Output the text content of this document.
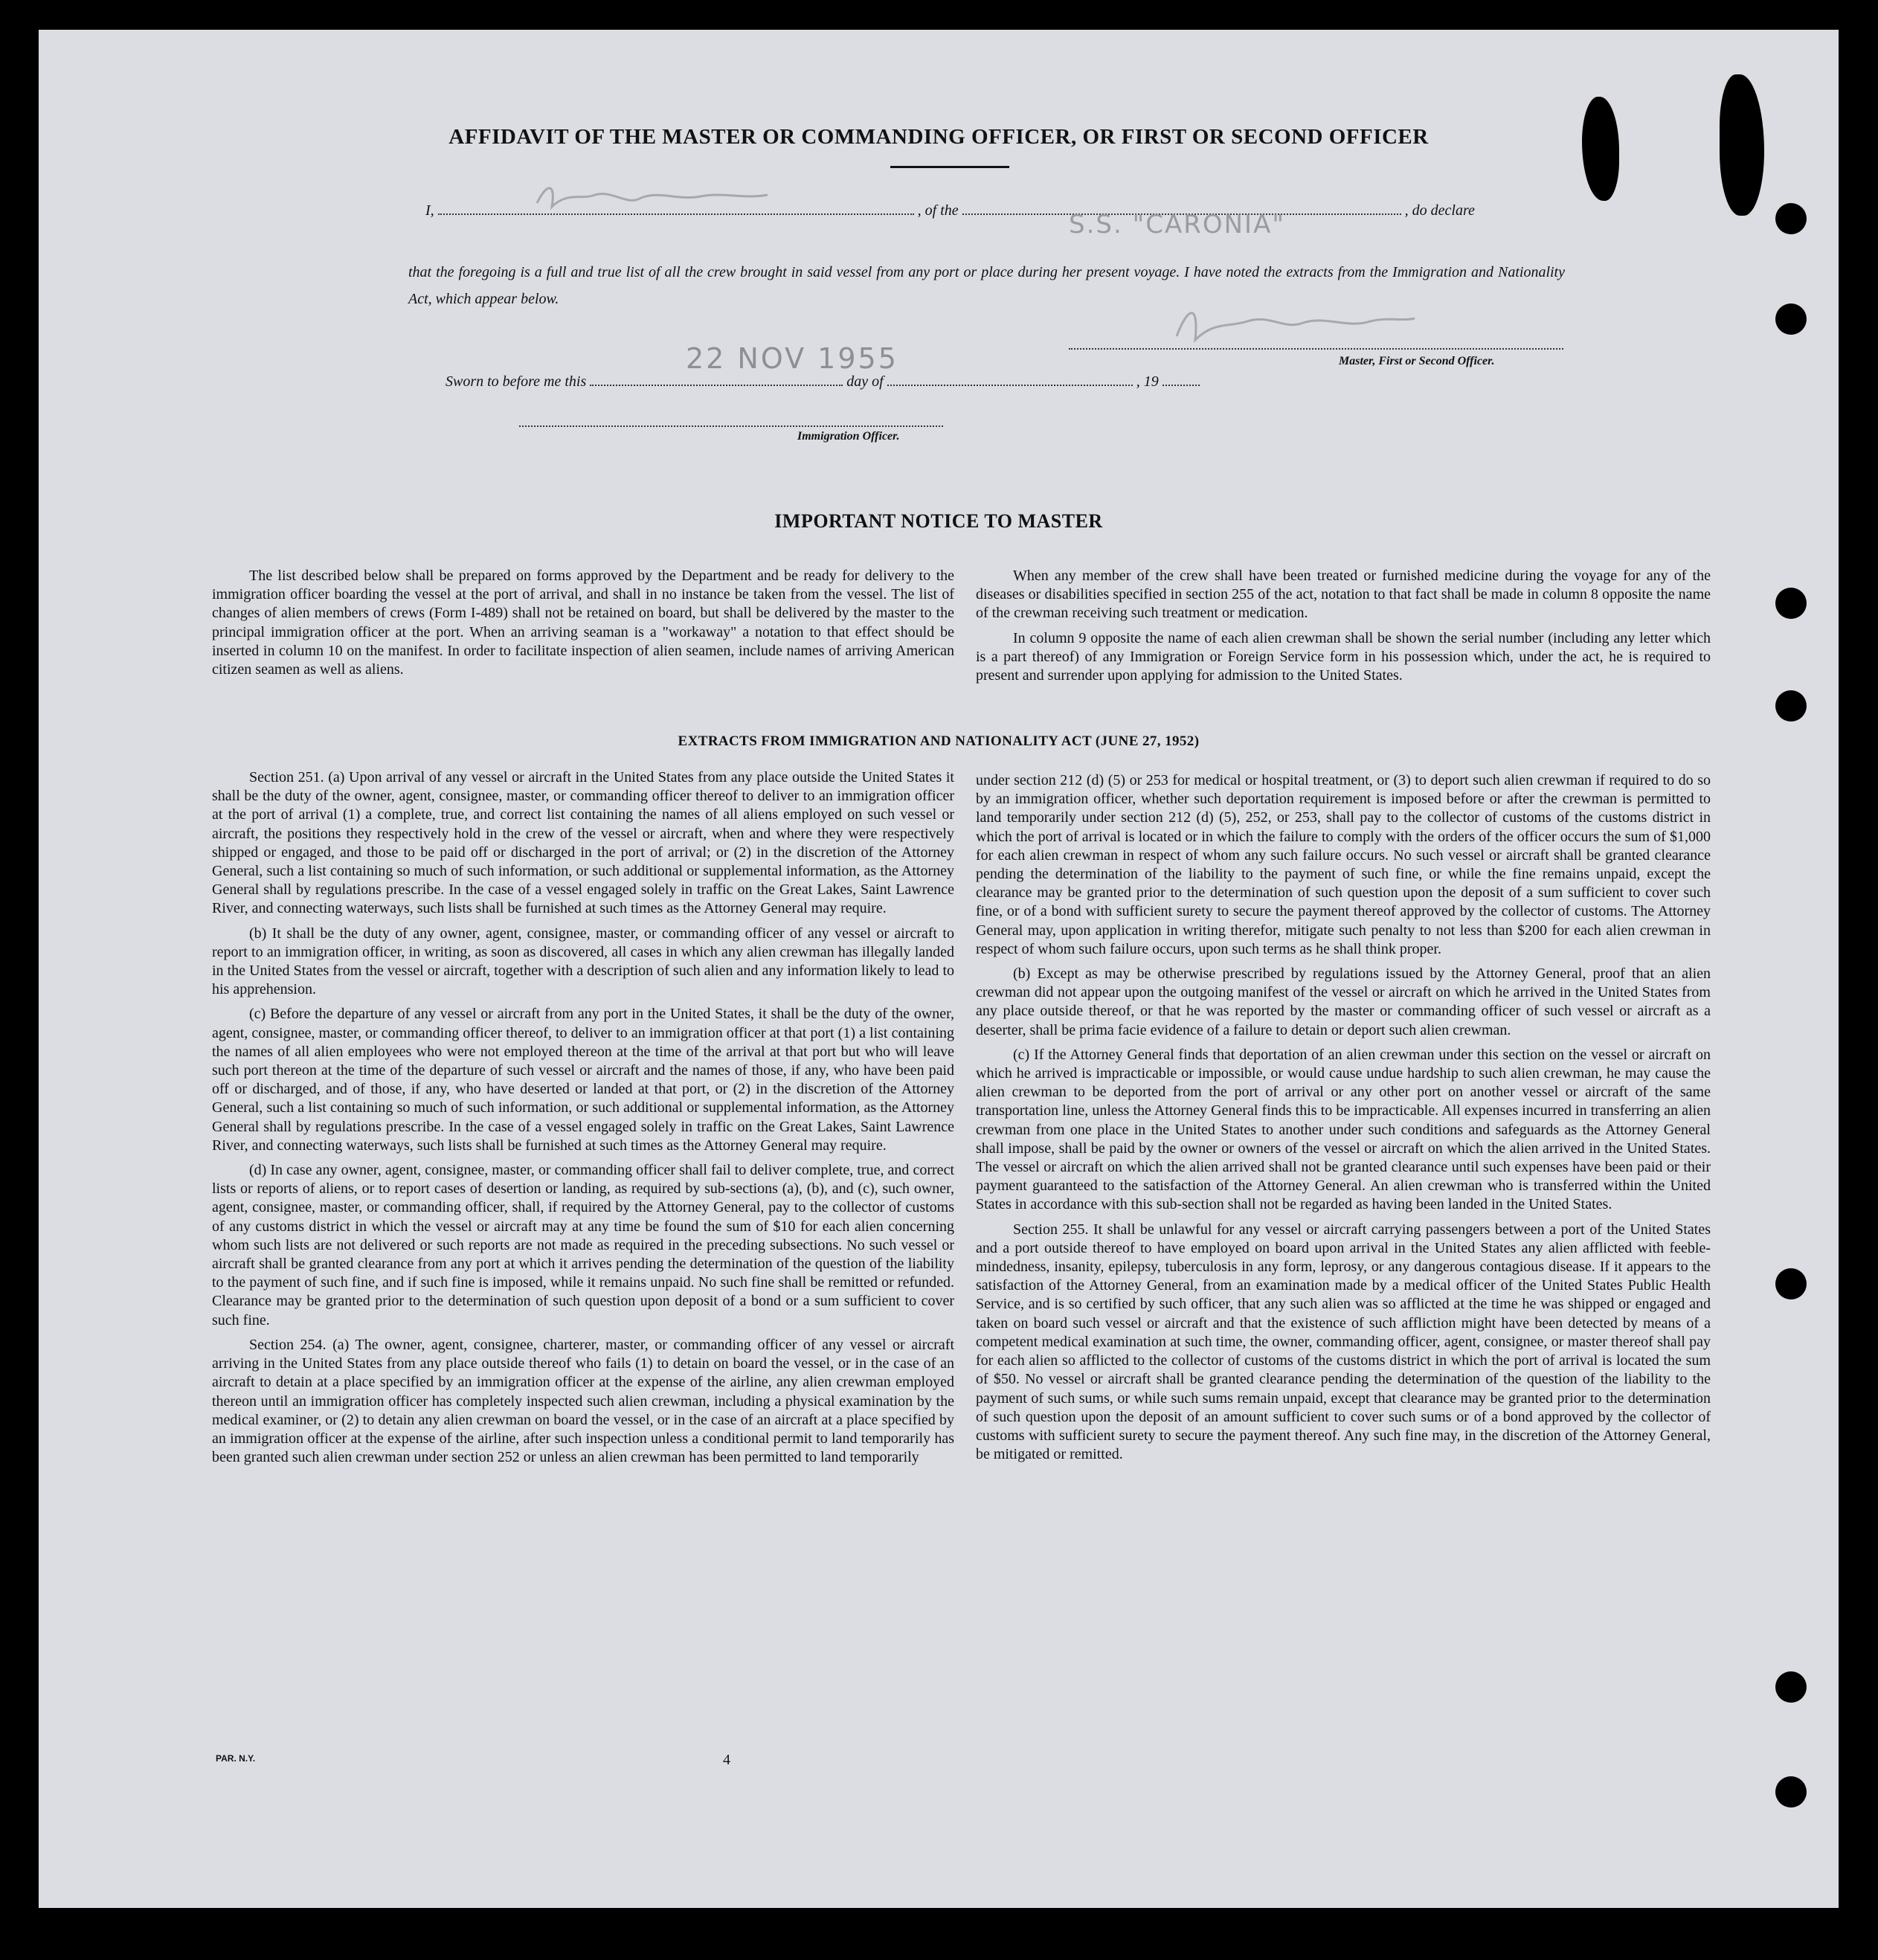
AFFIDAVIT OF THE MASTER OR COMMANDING OFFICER, OR FIRST OR SECOND OFFICER
I,	, of the	, do declare
S.S. "CARONIA"
that the foregoing is a full and true list of all the crew brought in said vessel from any port or place during her present voyage. I have noted the extracts from the Immigration and Nationality Act, which appear below.
Master, First or Second Officer.
22 NOV 1955
Sworn to before me this	day of	, 19
Immigration Officer.
IMPORTANT NOTICE TO MASTER

The list described below shall be prepared on forms approved by the Department and be ready for delivery to the immigration officer boarding the vessel at the port of arrival, and shall in no instance be taken from the vessel. The list of changes of alien members of crews (Form I-489) shall not be retained on board, but shall be delivered by the master to the principal immigration officer at the port. When an arriving seaman is a "workaway" a notation to that effect should be inserted in column 10 on the manifest. In order to facilitate inspection of alien seamen, include names of arriving American citizen seamen as well as aliens.

When any member of the crew shall have been treated or furnished medicine during the voyage for any of the diseases or disabilities specified in section 255 of the act, notation to that fact shall be made in column 8 opposite the name of the crewman receiving such treatment or medication.

In column 9 opposite the name of each alien crewman shall be shown the serial number (including any letter which is a part thereof) of any Immigration or Foreign Service form in his possession which, under the act, he is required to present and surrender upon applying for admission to the United States.

EXTRACTS FROM IMMIGRATION AND NATIONALITY ACT (JUNE 27, 1952)

Section 251. (a) Upon arrival of any vessel or aircraft in the United States from any place outside the United States it shall be the duty of the owner, agent, consignee, master, or commanding officer thereof to deliver to an immigration officer at the port of arrival (1) a complete, true, and correct list containing the names of all aliens employed on such vessel or aircraft, the positions they respectively hold in the crew of the vessel or aircraft, when and where they were respectively shipped or engaged, and those to be paid off or discharged in the port of arrival; or (2) in the discretion of the Attorney General, such a list containing so much of such information, or such additional or supplemental information, as the Attorney General shall by regulations prescribe. In the case of a vessel engaged solely in traffic on the Great Lakes, Saint Lawrence River, and connecting waterways, such lists shall be furnished at such times as the Attorney General may require.

(b) It shall be the duty of any owner, agent, consignee, master, or commanding officer of any vessel or aircraft to report to an immigration officer, in writing, as soon as discovered, all cases in which any alien crewman has illegally landed in the United States from the vessel or aircraft, together with a description of such alien and any information likely to lead to his apprehension.

(c) Before the departure of any vessel or aircraft from any port in the United States, it shall be the duty of the owner, agent, consignee, master, or commanding officer thereof, to deliver to an immigration officer at that port (1) a list containing the names of all alien employees who were not employed thereon at the time of the arrival at that port but who will leave such port thereon at the time of the departure of such vessel or aircraft and the names of those, if any, who have been paid off or discharged, and of those, if any, who have deserted or landed at that port, or (2) in the discretion of the Attorney General, such a list containing so much of such information, or such additional or supplemental information, as the Attorney General shall by regulations prescribe. In the case of a vessel engaged solely in traffic on the Great Lakes, Saint Lawrence River, and connecting waterways, such lists shall be furnished at such times as the Attorney General may require.

(d) In case any owner, agent, consignee, master, or commanding officer shall fail to deliver complete, true, and correct lists or reports of aliens, or to report cases of desertion or landing, as required by sub-sections (a), (b), and (c), such owner, agent, consignee, master, or commanding officer, shall, if required by the Attorney General, pay to the collector of customs of any customs district in which the vessel or aircraft may at any time be found the sum of $10 for each alien concerning whom such lists are not delivered or such reports are not made as required in the preceding subsections. No such vessel or aircraft shall be granted clearance from any port at which it arrives pending the determination of the question of the liability to the payment of such fine, and if such fine is imposed, while it remains unpaid. No such fine shall be remitted or refunded. Clearance may be granted prior to the determination of such question upon deposit of a bond or a sum sufficient to cover such fine.

Section 254. (a) The owner, agent, consignee, charterer, master, or commanding officer of any vessel or aircraft arriving in the United States from any place outside thereof who fails (1) to detain on board the vessel, or in the case of an aircraft to detain at a place specified by an immigration officer at the expense of the airline, any alien crewman employed thereon until an immigration officer has completely inspected such alien crewman, including a physical examination by the medical examiner, or (2) to detain any alien crewman on board the vessel, or in the case of an aircraft at a place specified by an immigration officer at the expense of the airline, after such inspection unless a conditional permit to land temporarily has been granted such alien crewman under section 252 or unless an alien crewman has been permitted to land temporarily

under section 212 (d) (5) or 253 for medical or hospital treatment, or (3) to deport such alien crewman if required to do so by an immigration officer, whether such deportation requirement is imposed before or after the crewman is permitted to land temporarily under section 212 (d) (5), 252, or 253, shall pay to the collector of customs of the customs district in which the port of arrival is located or in which the failure to comply with the orders of the officer occurs the sum of $1,000 for each alien crewman in respect of whom any such failure occurs. No such vessel or aircraft shall be granted clearance pending the determination of the liability to the payment of such fine, or while the fine remains unpaid, except the clearance may be granted prior to the determination of such question upon the deposit of a sum sufficient to cover such fine, or of a bond with sufficient surety to secure the payment thereof approved by the collector of customs. The Attorney General may, upon application in writing therefor, mitigate such penalty to not less than $200 for each alien crewman in respect of whom such failure occurs, upon such terms as he shall think proper.

(b) Except as may be otherwise prescribed by regulations issued by the Attorney General, proof that an alien crewman did not appear upon the outgoing manifest of the vessel or aircraft on which he arrived in the United States from any place outside thereof, or that he was reported by the master or commanding officer of such vessel or aircraft as a deserter, shall be prima facie evidence of a failure to detain or deport such alien crewman.

(c) If the Attorney General finds that deportation of an alien crewman under this section on the vessel or aircraft on which he arrived is impracticable or impossible, or would cause undue hardship to such alien crewman, he may cause the alien crewman to be deported from the port of arrival or any other port on another vessel or aircraft of the same transportation line, unless the Attorney General finds this to be impracticable. All expenses incurred in transferring an alien crewman from one place in the United States to another under such conditions and safeguards as the Attorney General shall impose, shall be paid by the owner or owners of the vessel or aircraft on which the alien arrived in the United States. The vessel or aircraft on which the alien arrived shall not be granted clearance until such expenses have been paid or their payment guaranteed to the satisfaction of the Attorney General. An alien crewman who is transferred within the United States in accordance with this sub-section shall not be regarded as having been landed in the United States.

Section 255. It shall be unlawful for any vessel or aircraft carrying passengers between a port of the United States and a port outside thereof to have employed on board upon arrival in the United States any alien afflicted with feeble-mindedness, insanity, epilepsy, tuberculosis in any form, leprosy, or any dangerous contagious disease. If it appears to the satisfaction of the Attorney General, from an examination made by a medical officer of the United States Public Health Service, and is so certified by such officer, that any such alien was so afflicted at the time he was shipped or engaged and taken on board such vessel or aircraft and that the existence of such affliction might have been detected by means of a competent medical examination at such time, the owner, commanding officer, agent, consignee, or master thereof shall pay for each alien so afflicted to the collector of customs of the customs district in which the port of arrival is located the sum of $50. No vessel or aircraft shall be granted clearance pending the determination of the question of the liability to the payment of such sums, or while such sums remain unpaid, except that clearance may be granted prior to the determination of such question upon the deposit of an amount sufficient to cover such sums or of a bond approved by the collector of customs with sufficient surety to secure the payment thereof. Any such fine may, in the discretion of the Attorney General, be mitigated or remitted.

PAR. N.Y.	4
